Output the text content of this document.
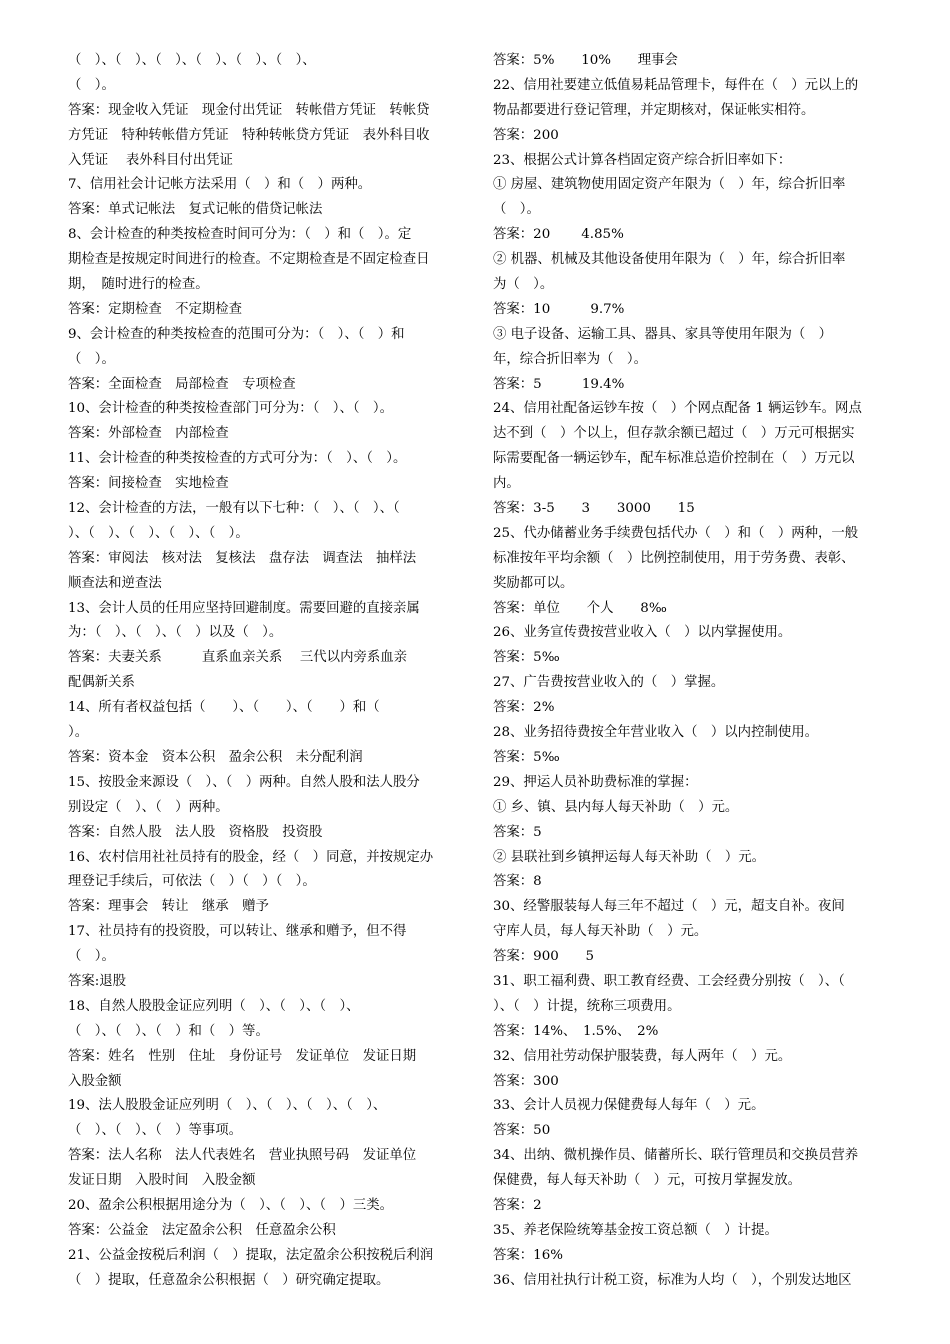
（　）、（　）、（　）、（　）、（　）、（　）、
（　）。
答案：现金收入凭证　现金付出凭证　转帐借方凭证　转帐贷
方凭证　特种转帐借方凭证　特种转帐贷方凭证　表外科目收
入凭证　 表外科目付出凭证
7、信用社会计记帐方法采用（　）和（　）两种。
答案：单式记帐法　复式记帐的借贷记帐法
8、会计检查的种类按检查时间可分为：（　）和（　）。定
期检查是按规定时间进行的检查。不定期检查是不固定检查日
期，　随时进行的检查。
答案：定期检查　不定期检查
9、会计检查的种类按检查的范围可分为：（　）、（　）和
（　）。
答案：全面检查　局部检查　专项检查
10、会计检查的种类按检查部门可分为：（　）、（　）。
答案：外部检查　内部检查
11、会计检查的种类按检查的方式可分为：（　）、（　）。
答案：间接检查　实地检查
12、会计检查的方法，一般有以下七种：（　）、（　）、（
）、（　）、（　）、（　）、（　）。
答案：审阅法　核对法　复核法　盘存法　调查法　抽样法
顺查法和逆查法
13、会计人员的任用应坚持回避制度。需要回避的直接亲属
为：（　）、（　）、（　）以及（　）。
答案：夫妻关系　　　直系血亲关系　 三代以内旁系血亲
配偶新关系
14、所有者权益包括（　　）、（　　）、（　　）和（
）。
答案：资本金　资本公积　盈余公积　未分配利润
15、按股金来源设（　）、（　）两种。自然人股和法人股分
别设定（　）、（　）两种。
答案：自然人股　法人股　资格股　投资股
16、农村信用社社员持有的股金，经（　）同意，并按规定办
理登记手续后，可依法（　）（　）（　）。
答案：理事会　转让　继承　赠予
17、社员持有的投资股，可以转让、继承和赠予，但不得
（　）。
答案:退股
18、自然人股股金证应列明（　）、（　）、（　）、
（　）、（　）、（　）和（　）等。
答案：姓名　性别　住址　身份证号　发证单位　发证日期
入股金额
19、法人股股金证应列明（　）、（　）、（　）、（　）、
（　）、（　）、（　）等事项。
答案：法人名称　法人代表姓名　营业执照号码　发证单位
发证日期　入股时间　入股金额
20、盈余公积根据用途分为（　）、（　）、（　）三类。
答案：公益金　法定盈余公积　任意盈余公积
21、公益金按税后利润（　）提取，法定盈余公积按税后利润
（　）提取，任意盈余公积根据（　）研究确定提取。
答案：5%　　10%　　理事会
22、信用社要建立低值易耗品管理卡，每件在（　）元以上的
物品都要进行登记管理，并定期核对，保证帐实相符。
答案：200
23、根据公式计算各档固定资产综合折旧率如下：
① 房屋、建筑物使用固定资产年限为（　）年，综合折旧率
（　）。
答案：20　　 4.85%
② 机器、机械及其他设备使用年限为（　）年，综合折旧率
为（　）。
答案：10　　　9.7%
③ 电子设备、运输工具、器具、家具等使用年限为（　）
年，综合折旧率为（　）。
答案：5　　　19.4%
24、信用社配备运钞车按（　）个网点配备 1 辆运钞车。网点
达不到（　）个以上，但存款余额已超过（　）万元可根据实
际需要配备一辆运钞车，配车标准总造价控制在（　）万元以
内。
答案：3-5　　3　　3000　　15
25、代办储蓄业务手续费包括代办（　）和（　）两种，一般
标准按年平均余额（　）比例控制使用，用于劳务费、表彰、
奖励都可以。
答案：单位　　个人　　8‰
26、业务宣传费按营业收入（　）以内掌握使用。
答案：5‰
27、广告费按营业收入的（　）掌握。
答案：2%
28、业务招待费按全年营业收入（　）以内控制使用。
答案：5‰
29、押运人员补助费标准的掌握：
① 乡、镇、县内每人每天补助（　）元。
答案：5
② 县联社到乡镇押运每人每天补助（　）元。
答案：8
30、经警服装每人每三年不超过（　）元，超支自补。夜间
守库人员，每人每天补助（　）元。
答案：900　　5
31、职工福利费、职工教育经费、工会经费分别按（　）、（
）、（　）计提，统称三项费用。
答案：14%、　1.5%、　2%
32、信用社劳动保护服装费，每人两年（　）元。
答案：300
33、会计人员视力保健费每人每年（　）元。
答案：50
34、出纳、微机操作员、储蓄所长、联行管理员和交换员营养
保健费，每人每天补助（　）元，可按月掌握发放。
答案：2
35、养老保险统筹基金按工资总额（　）计提。
答案：16%
36、信用社执行计税工资，标准为人均（　），个别发达地区
